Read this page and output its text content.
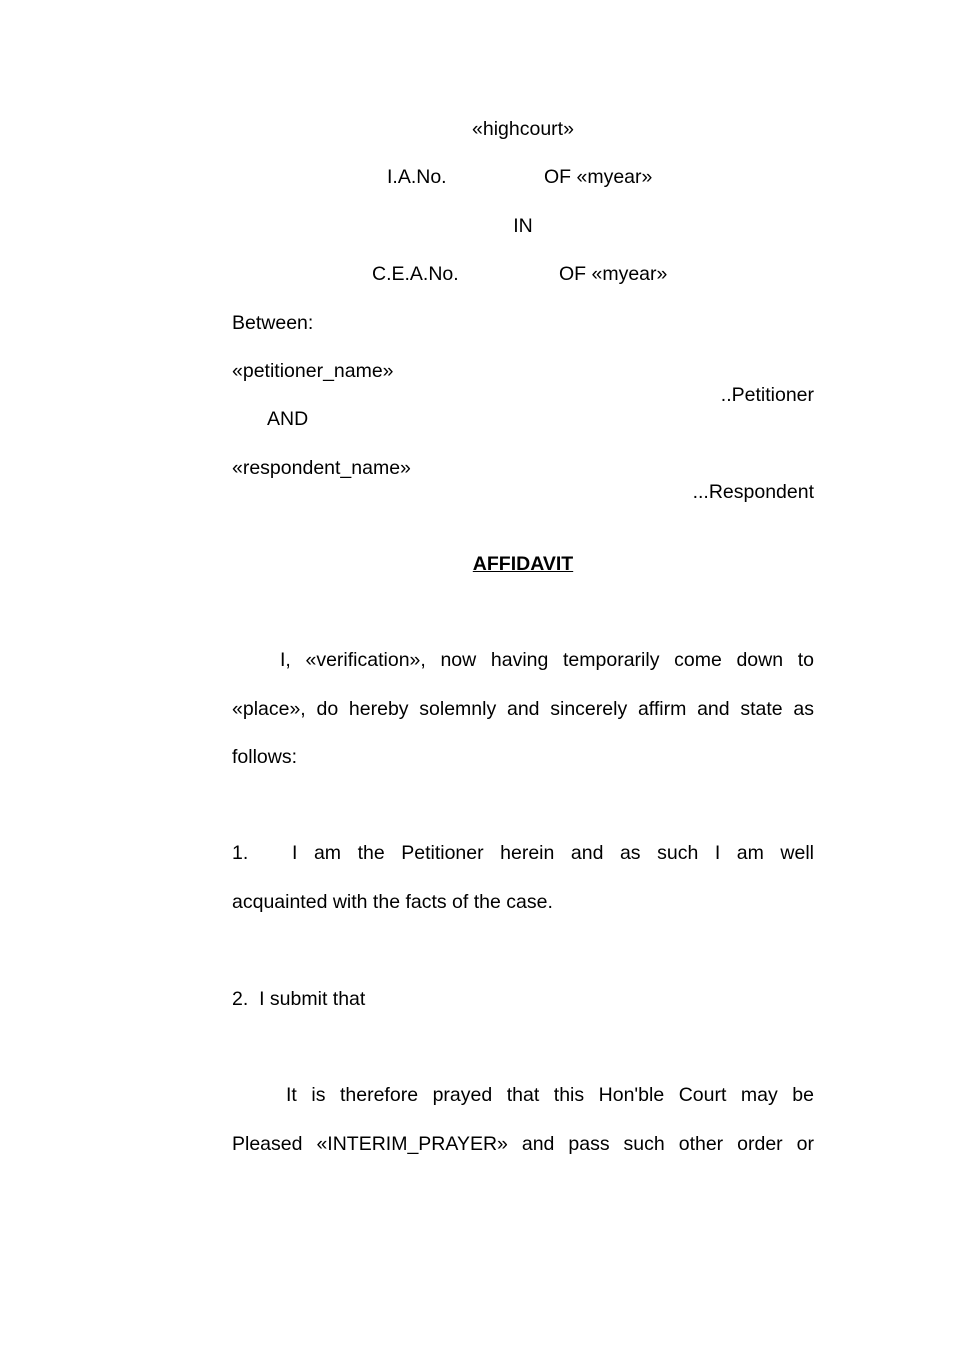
«highcourt»
I.A.No.	OF «myear»
IN
C.E.A.No.	OF «myear»
Between:
«petitioner_name»
..Petitioner
AND
«respondent_name»
...Respondent
AFFIDAVIT
I, «verification», now having temporarily come down to
«place», do hereby solemnly and sincerely affirm and state as
follows:
1.	I am the Petitioner herein and as such I am well
acquainted with the facts of the case.
2.  I submit that
It is therefore prayed that this Hon'ble Court may be
Pleased «INTERIM_PRAYER» and pass such other order or
